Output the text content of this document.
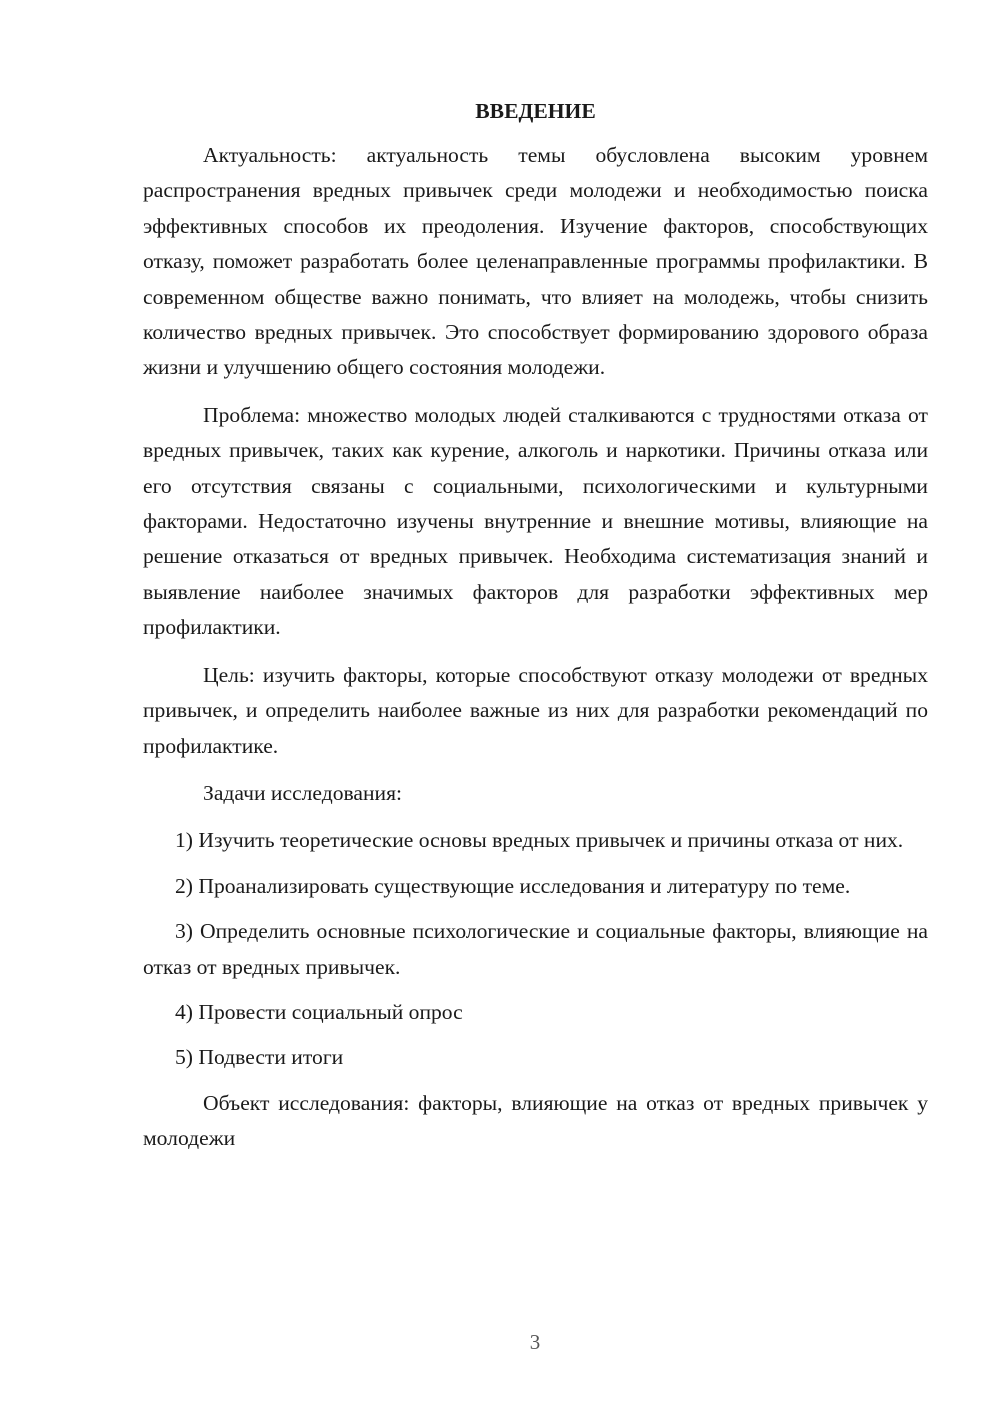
ВВЕДЕНИЕ

Актуальность: актуальность темы обусловлена высоким уровнем распространения вредных привычек среди молодежи и необходимостью поиска эффективных способов их преодоления. Изучение факторов, способствующих отказу, поможет разработать более целенаправленные программы профилактики. В современном обществе важно понимать, что влияет на молодежь, чтобы снизить количество вредных привычек. Это способствует формированию здорового образа жизни и улучшению общего состояния молодежи.

Проблема: множество молодых людей сталкиваются с трудностями отказа от вредных привычек, таких как курение, алкоголь и наркотики. Причины отказа или его отсутствия связаны с социальными, психологическими и культурными факторами. Недостаточно изучены внутренние и внешние мотивы, влияющие на решение отказаться от вредных привычек. Необходима систематизация знаний и выявление наиболее значимых факторов для разработки эффективных мер профилактики.

Цель: изучить факторы, которые способствуют отказу молодежи от вредных привычек, и определить наиболее важные из них для разработки рекомендаций по профилактике.

Задачи исследования:

1) Изучить теоретические основы вредных привычек и причины отказа от них.

2) Проанализировать существующие исследования и литературу по теме.

3) Определить основные психологические и социальные факторы, влияющие на отказ от вредных привычек.

4) Провести социальный опрос

5) Подвести итоги

Объект исследования: факторы, влияющие на отказ от вредных привычек у молодежи

3
